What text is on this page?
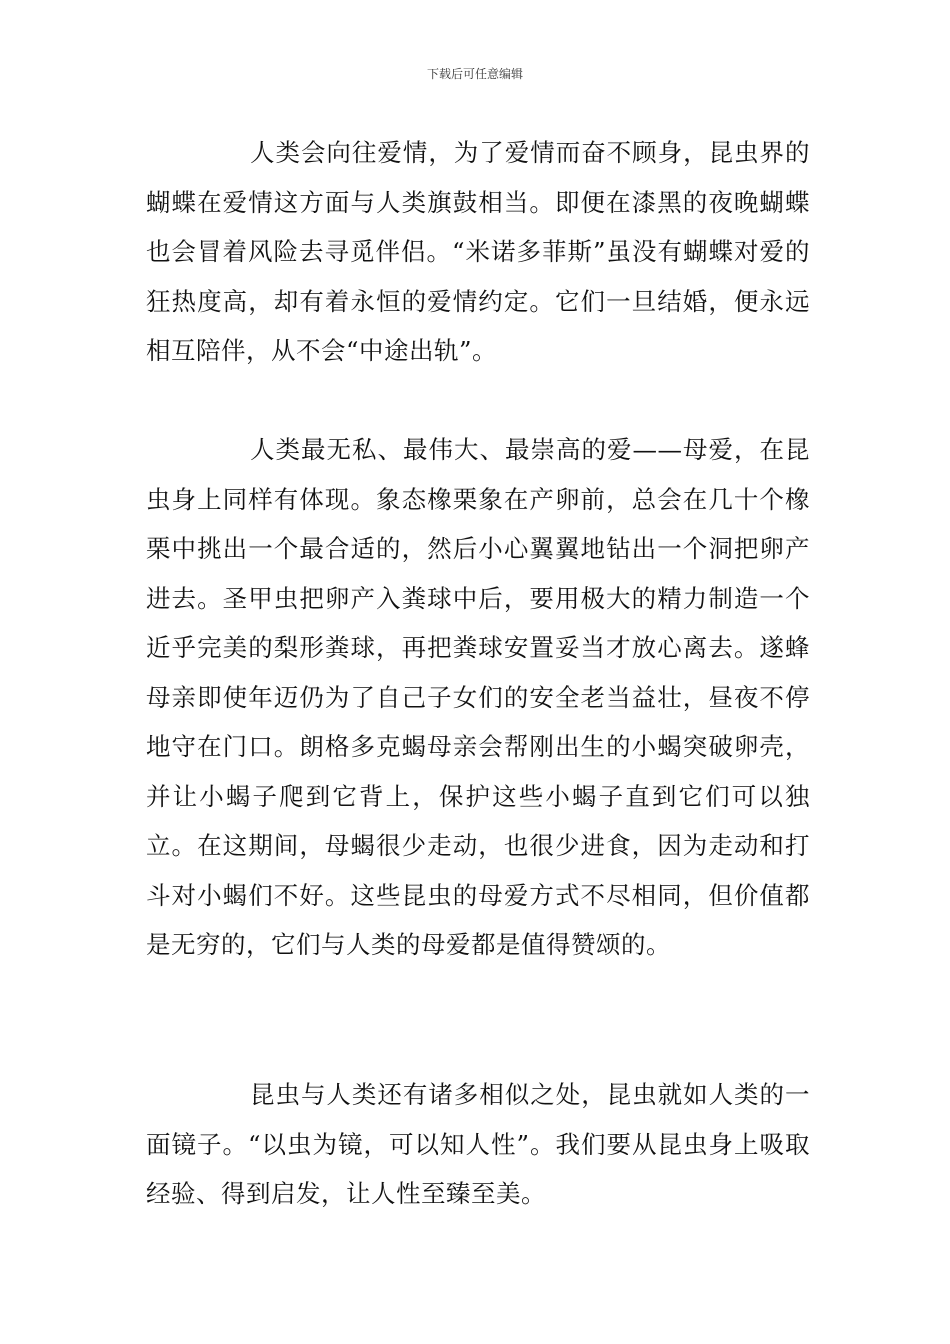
下载后可任意编辑

人类会向往爱情，为了爱情而奋不顾身，昆虫界的蝴蝶在爱情这方面与人类旗鼓相当。即便在漆黑的夜晚蝴蝶也会冒着风险去寻觅伴侣。“米诺多菲斯”虽没有蝴蝶对爱的狂热度高，却有着永恒的爱情约定。它们一旦结婚，便永远相互陪伴，从不会“中途出轨”。

人类最无私、最伟大、最崇高的爱——母爱，在昆虫身上同样有体现。象态橡栗象在产卵前，总会在几十个橡栗中挑出一个最合适的，然后小心翼翼地钻出一个洞把卵产进去。圣甲虫把卵产入粪球中后，要用极大的精力制造一个近乎完美的梨形粪球，再把粪球安置妥当才放心离去。遂蜂母亲即使年迈仍为了自己子女们的安全老当益壮，昼夜不停地守在门口。朗格多克蝎母亲会帮刚出生的小蝎突破卵壳，并让小蝎子爬到它背上，保护这些小蝎子直到它们可以独立。在这期间，母蝎很少走动，也很少进食，因为走动和打斗对小蝎们不好。这些昆虫的母爱方式不尽相同，但价值都是无穷的，它们与人类的母爱都是值得赞颂的。

昆虫与人类还有诸多相似之处，昆虫就如人类的一面镜子。“以虫为镜，可以知人性”。我们要从昆虫身上吸取经验、得到启发，让人性至臻至美。
